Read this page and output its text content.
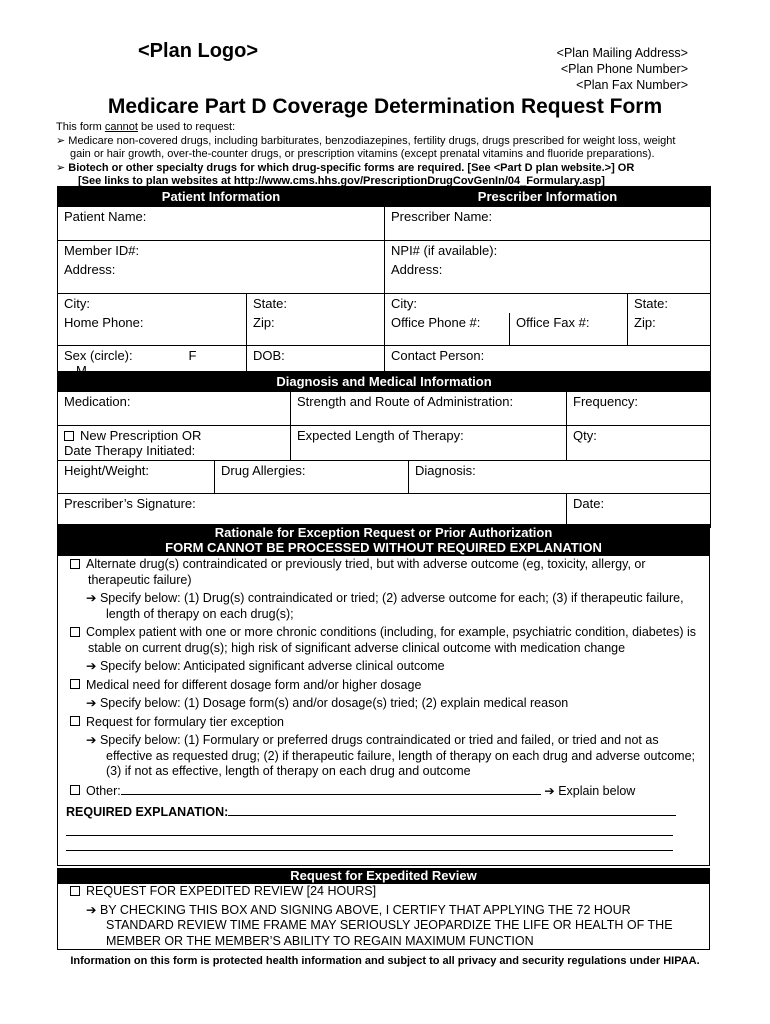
<Plan Logo>	<Plan Mailing Address>
<Plan Phone Number>
<Plan Fax Number>
Medicare Part D Coverage Determination Request Form
This form cannot be used to request:
➢ Medicare non-covered drugs, including barbiturates, benzodiazepines, fertility drugs, drugs prescribed for weight loss, weight
gain or hair growth, over-the-counter drugs, or prescription vitamins (except prenatal vitamins and fluoride preparations).
➢ Biotech or other specialty drugs for which drug-specific forms are required. [See <Part D plan website.>] OR
[See links to plan websites at http://www.cms.hhs.gov/PrescriptionDrugCovGenIn/04_Formulary.asp]
Patient Information			Prescriber Information		
Patient Name:			Prescriber Name:		
Member ID#:			NPI# (if available):		
Address:			Address:		
City:		State:	City:		State:
Home Phone:		Zip:	Office Phone #:	Office Fax #:	Zip:
Sex (circle): M	F	DOB:	Contact Person:		
Diagnosis and Medical Information				
Medication:		Strength and Route of Administration:		Frequency:

New Prescription OR
Date Therapy Initiated:		Expected Length of Therapy:		Qty:
Height/Weight:	Drug Allergies:		Diagnosis:	
Prescriber’s Signature:				Date:
Rationale for Exception Request or Prior Authorization
FORM CANNOT BE PROCESSED WITHOUT REQUIRED EXPLANATION
Alternate drug(s) contraindicated or previously tried, but with adverse outcome (eg, toxicity, allergy, or therapeutic failure)
➔ Specify below: (1) Drug(s) contraindicated or tried; (2) adverse outcome for each; (3) if therapeutic failure, length of therapy on each drug(s);
Complex patient with one or more chronic conditions (including, for example, psychiatric condition, diabetes) is stable on current drug(s); high risk of significant adverse clinical outcome with medication change
➔ Specify below: Anticipated significant adverse clinical outcome
Medical need for different dosage form and/or higher dosage
➔ Specify below: (1) Dosage form(s) and/or dosage(s) tried; (2) explain medical reason
Request for formulary tier exception
➔ Specify below: (1) Formulary or preferred drugs contraindicated or tried and failed, or tried and not as effective as requested drug; (2) if therapeutic failure, length of therapy on each drug and adverse outcome; (3) if not as effective, length of therapy on each drug and outcome
Other:	➔ Explain below
REQUIRED EXPLANATION:
Request for Expedited Review
REQUEST FOR EXPEDITED REVIEW [24 HOURS]
➔ BY CHECKING THIS BOX AND SIGNING ABOVE, I CERTIFY THAT APPLYING THE 72 HOUR STANDARD REVIEW TIME FRAME MAY SERIOUSLY JEOPARDIZE THE LIFE OR HEALTH OF THE MEMBER OR THE MEMBER’S ABILITY TO REGAIN MAXIMUM FUNCTION
Information on this form is protected health information and subject to all privacy and security regulations under HIPAA.
